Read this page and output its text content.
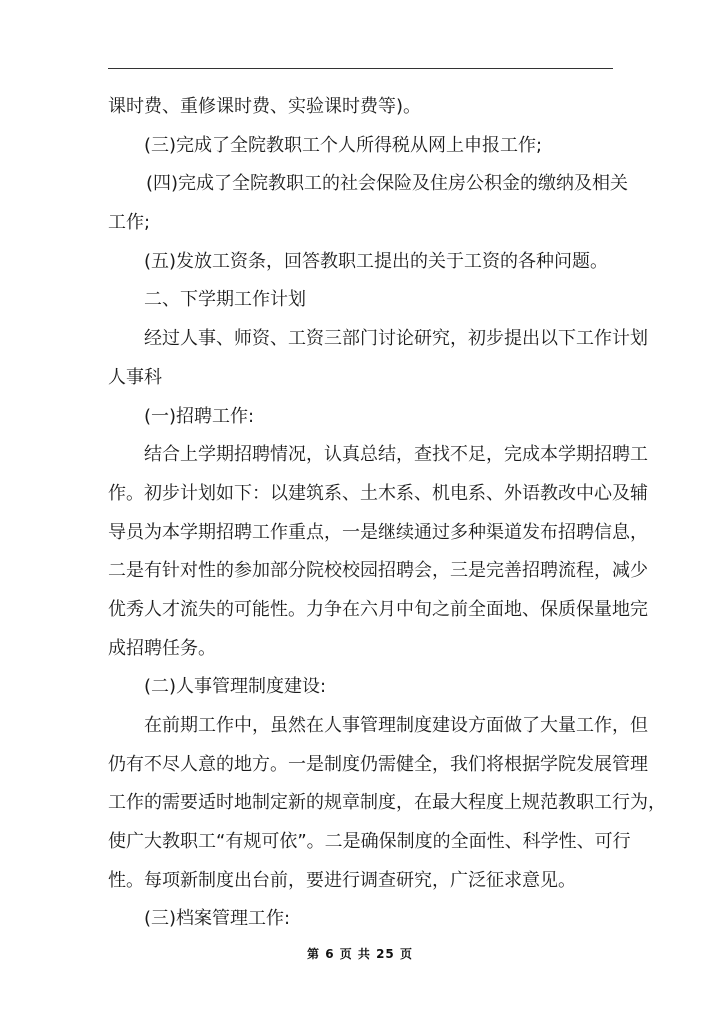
课时费、重修课时费、实验课时费等)。
(三)完成了全院教职工个人所得税从网上申报工作;
(四)完成了全院教职工的社会保险及住房公积金的缴纳及相关
工作;
(五)发放工资条，回答教职工提出的关于工资的各种问题。
二、下学期工作计划
经过人事、师资、工资三部门讨论研究，初步提出以下工作计划
人事科
(一)招聘工作:
结合上学期招聘情况，认真总结，查找不足，完成本学期招聘工
作。初步计划如下：以建筑系、土木系、机电系、外语教改中心及辅
导员为本学期招聘工作重点，一是继续通过多种渠道发布招聘信息，
二是有针对性的参加部分院校校园招聘会，三是完善招聘流程，减少
优秀人才流失的可能性。力争在六月中旬之前全面地、保质保量地完
成招聘任务。
(二)人事管理制度建设:
在前期工作中，虽然在人事管理制度建设方面做了大量工作，但
仍有不尽人意的地方。一是制度仍需健全，我们将根据学院发展管理
工作的需要适时地制定新的规章制度，在最大程度上规范教职工行为，
使广大教职工“有规可依”。二是确保制度的全面性、科学性、可行
性。每项新制度出台前，要进行调查研究，广泛征求意见。
(三)档案管理工作:
第 6 页 共 25 页
